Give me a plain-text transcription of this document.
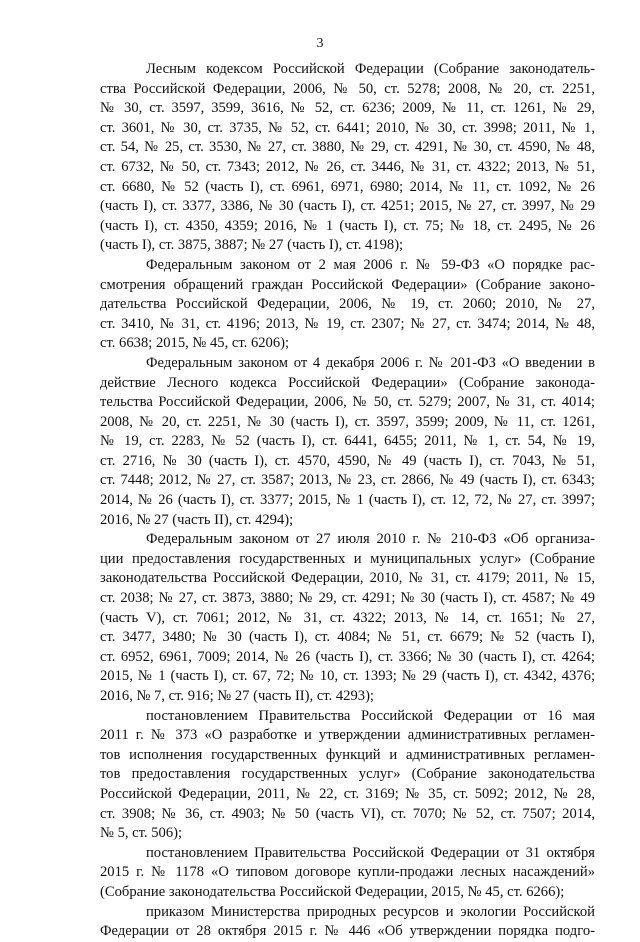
3
Лесным кодексом Российской Федерации (Собрание законодатель-
ства Российской Федерации, 2006, № 50, ст. 5278; 2008, № 20, ст. 2251,
№ 30, ст. 3597, 3599, 3616, № 52, ст. 6236; 2009, № 11, ст. 1261, № 29,
ст. 3601, № 30, ст. 3735, № 52, ст. 6441; 2010, № 30, ст. 3998; 2011, № 1,
ст. 54, № 25, ст. 3530, № 27, ст. 3880, № 29, ст. 4291, № 30, ст. 4590, № 48,
ст. 6732, № 50, ст. 7343; 2012, № 26, ст. 3446, № 31, ст. 4322; 2013, № 51,
ст. 6680, № 52 (часть I), ст. 6961, 6971, 6980; 2014, № 11, ст. 1092, № 26
(часть I), ст. 3377, 3386, № 30 (часть I), ст. 4251; 2015, № 27, ст. 3997, № 29
(часть I), ст. 4350, 4359; 2016, № 1 (часть I), ст. 75; № 18, ст. 2495, № 26
(часть I), ст. 3875, 3887; № 27 (часть I), ст. 4198);
Федеральным законом от 2 мая 2006 г. № 59-ФЗ «О порядке рас-
смотрения обращений граждан Российской Федерации» (Собрание законо-
дательства Российской Федерации, 2006, № 19, ст. 2060; 2010, № 27,
ст. 3410, № 31, ст. 4196; 2013, № 19, ст. 2307; № 27, ст. 3474; 2014, № 48,
ст. 6638; 2015, № 45, ст. 6206);
Федеральным законом от 4 декабря 2006 г. № 201-ФЗ «О введении в
действие Лесного кодекса Российской Федерации» (Собрание законода-
тельства Российской Федерации, 2006, № 50, ст. 5279; 2007, № 31, ст. 4014;
2008, № 20, ст. 2251, № 30 (часть I), ст. 3597, 3599; 2009, № 11, ст. 1261,
№ 19, ст. 2283, № 52 (часть I), ст. 6441, 6455; 2011, № 1, ст. 54, № 19,
ст. 2716, № 30 (часть I), ст. 4570, 4590, № 49 (часть I), ст. 7043, № 51,
ст. 7448; 2012, № 27, ст. 3587; 2013, № 23, ст. 2866, № 49 (часть I), ст. 6343;
2014, № 26 (часть I), ст. 3377; 2015, № 1 (часть I), ст. 12, 72, № 27, ст. 3997;
2016, № 27 (часть II), ст. 4294);
Федеральным законом от 27 июля 2010 г. № 210-ФЗ «Об организа-
ции предоставления государственных и муниципальных услуг» (Собрание
законодательства Российской Федерации, 2010, № 31, ст. 4179; 2011, № 15,
ст. 2038; № 27, ст. 3873, 3880; № 29, ст. 4291; № 30 (часть I), ст. 4587; № 49
(часть V), ст. 7061; 2012, № 31, ст. 4322; 2013, № 14, ст. 1651; № 27,
ст. 3477, 3480; № 30 (часть I), ст. 4084; № 51, ст. 6679; № 52 (часть I),
ст. 6952, 6961, 7009; 2014, № 26 (часть I), ст. 3366; № 30 (часть I), ст. 4264;
2015, № 1 (часть I), ст. 67, 72; № 10, ст. 1393; № 29 (часть I), ст. 4342, 4376;
2016, № 7, ст. 916; № 27 (часть II), ст. 4293);
постановлением Правительства Российской Федерации от 16 мая
2011 г. № 373 «О разработке и утверждении административных регламен-
тов исполнения государственных функций и административных регламен-
тов предоставления государственных услуг» (Собрание законодательства
Российской Федерации, 2011, № 22, ст. 3169; № 35, ст. 5092; 2012, № 28,
ст. 3908; № 36, ст. 4903; № 50 (часть VI), ст. 7070; № 52, ст. 7507; 2014,
№ 5, ст. 506);
постановлением Правительства Российской Федерации от 31 октября
2015 г. № 1178 «О типовом договоре купли-продажи лесных насаждений»
(Собрание законодательства Российской Федерации, 2015, № 45, ст. 6266);
приказом Министерства природных ресурсов и экологии Российской
Федерации от 28 октября 2015 г. № 446 «Об утверждении порядка подго-
